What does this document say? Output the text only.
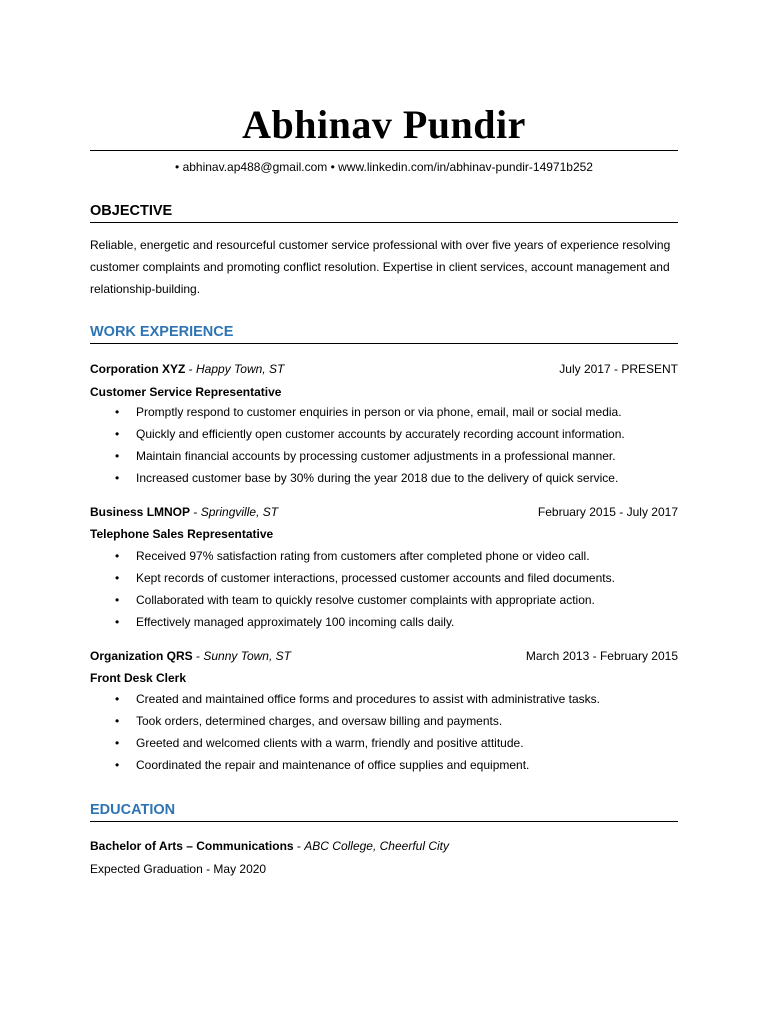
Abhinav Pundir
• abhinav.ap488@gmail.com • www.linkedin.com/in/abhinav-pundir-14971b252
OBJECTIVE
Reliable, energetic and resourceful customer service professional with over five years of experience resolving customer complaints and promoting conflict resolution. Expertise in client services, account management and relationship-building.
WORK EXPERIENCE
Corporation XYZ - Happy Town, ST	July 2017 - PRESENT
Customer Service Representative
• Promptly respond to customer enquiries in person or via phone, email, mail or social media.
• Quickly and efficiently open customer accounts by accurately recording account information.
• Maintain financial accounts by processing customer adjustments in a professional manner.
• Increased customer base by 30% during the year 2018 due to the delivery of quick service.
Business LMNOP - Springville, ST	February 2015 - July 2017
Telephone Sales Representative
• Received 97% satisfaction rating from customers after completed phone or video call.
• Kept records of customer interactions, processed customer accounts and filed documents.
• Collaborated with team to quickly resolve customer complaints with appropriate action.
• Effectively managed approximately 100 incoming calls daily.
Organization QRS - Sunny Town, ST	March 2013 - February 2015
Front Desk Clerk
• Created and maintained office forms and procedures to assist with administrative tasks.
• Took orders, determined charges, and oversaw billing and payments.
• Greeted and welcomed clients with a warm, friendly and positive attitude.
• Coordinated the repair and maintenance of office supplies and equipment.
EDUCATION
Bachelor of Arts – Communications - ABC College, Cheerful City
Expected Graduation - May 2020
